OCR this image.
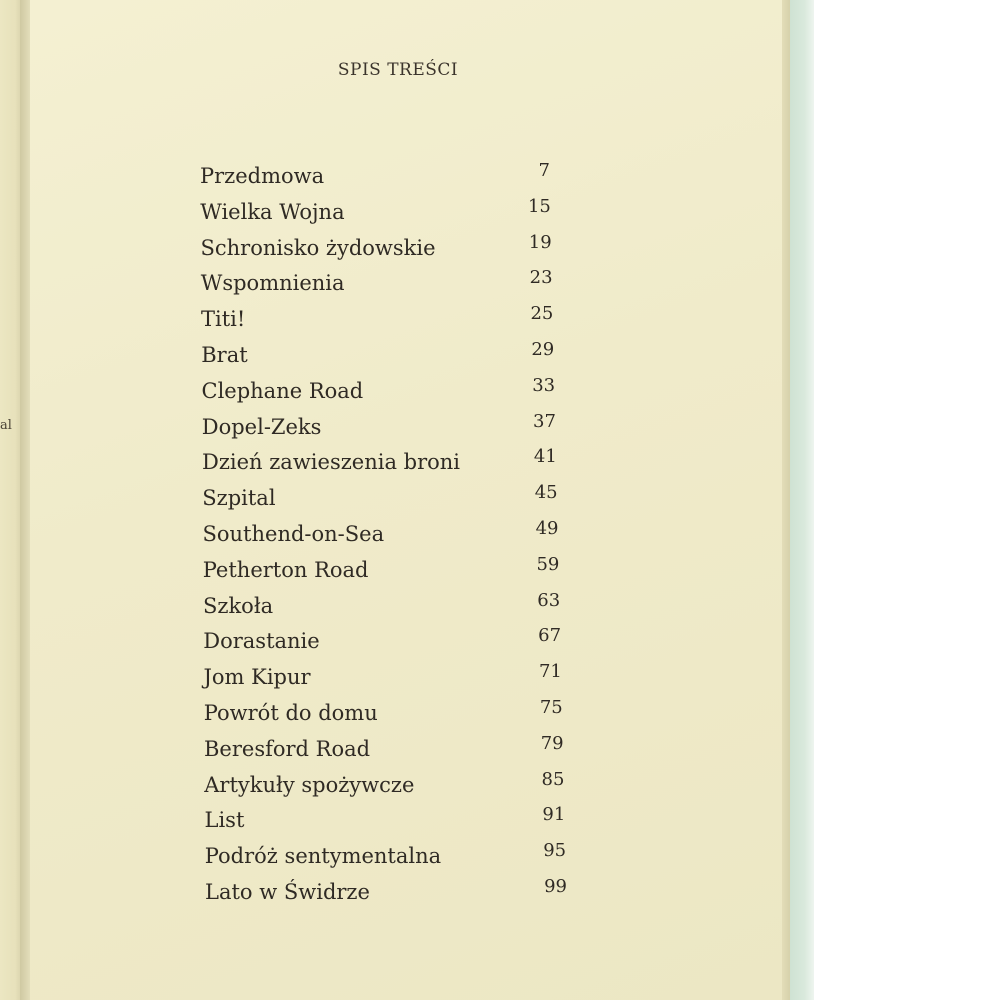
al
SPIS TREŚCI
Przedmowa	7
Wielka Wojna	15
Schronisko żydowskie	19
Wspomnienia	23
Titi!	25
Brat	29
Clephane Road	33
Dopel-Zeks	37
Dzień zawieszenia broni	41
Szpital	45
Southend-on-Sea	49
Petherton Road	59
Szkoła	63
Dorastanie	67
Jom Kipur	71
Powrót do domu	75
Beresford Road	79
Artykuły spożywcze	85
List	91
Podróż sentymentalna	95
Lato w Świdrze	99
